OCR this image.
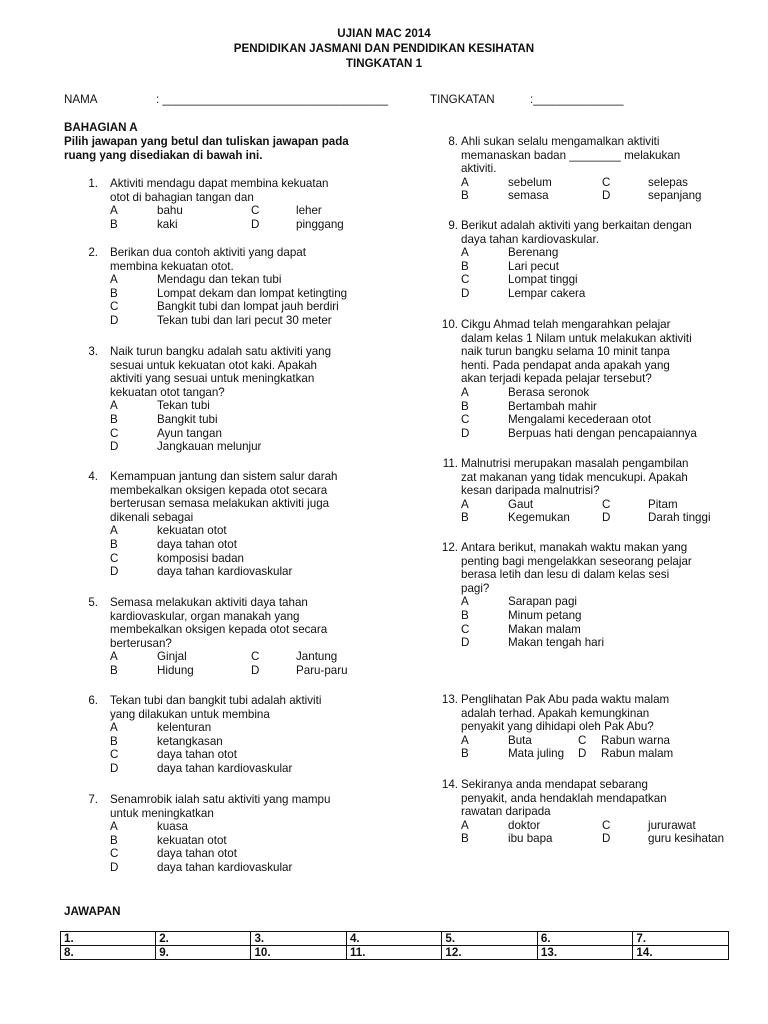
UJIAN MAC 2014
PENDIDIKAN JASMANI DAN PENDIDIKAN KESIHATAN
TINGKATAN 1
NAMA	: ___________________________________	TINGKATAN	:______________
BAHAGIAN A
Pilih jawapan yang betul dan tuliskan jawapan pada ruang yang disediakan di bawah ini.
1. Aktiviti mendagu dapat membina kekuatan
otot di bahagian tangan dan
A	bahu	C	leher
B	kaki	D	pinggang
2. Berikan dua contoh aktiviti yang dapat
membina kekuatan otot.
A	Mendagu dan tekan tubi
B	Lompat dekam dan lompat ketingting
C	Bangkit tubi dan lompat jauh berdiri
D	Tekan tubi dan lari pecut 30 meter
3. Naik turun bangku adalah satu aktiviti yang
sesuai untuk kekuatan otot kaki. Apakah
aktiviti yang sesuai untuk meningkatkan
kekuatan otot tangan?
A	Tekan tubi
B	Bangkit tubi
C	Ayun tangan
D	Jangkauan melunjur
4. Kemampuan jantung dan sistem salur darah
membekalkan oksigen kepada otot secara
berterusan semasa melakukan aktiviti juga
dikenali sebagai
A	kekuatan otot
B	daya tahan otot
C	komposisi badan
D	daya tahan kardiovaskular
5. Semasa melakukan aktiviti daya tahan
kardiovaskular, organ manakah yang
membekalkan oksigen kepada otot secara
berterusan?
A	Ginjal	C	Jantung
B	Hidung	D	Paru-paru
6. Tekan tubi dan bangkit tubi adalah aktiviti
yang dilakukan untuk membina
A	kelenturan
B	ketangkasan
C	daya tahan otot
D	daya tahan kardiovaskular
7. Senamrobik ialah satu aktiviti yang mampu
untuk meningkatkan
A	kuasa
B	kekuatan otot
C	daya tahan otot
D	daya tahan kardiovaskular
8. Ahli sukan selalu mengamalkan aktiviti
memanaskan badan ________ melakukan
aktiviti.
A	sebelum	C	selepas
B	semasa	D	sepanjang
9. Berikut adalah aktiviti yang berkaitan dengan
daya tahan kardiovaskular.
A	Berenang
B	Lari pecut
C	Lompat tinggi
D	Lempar cakera
10. Cikgu Ahmad telah mengarahkan pelajar
dalam kelas 1 Nilam untuk melakukan aktiviti
naik turun bangku selama 10 minit tanpa
henti. Pada pendapat anda apakah yang
akan terjadi kepada pelajar tersebut?
A	Berasa seronok
B	Bertambah mahir
C	Mengalami kecederaan otot
D	Berpuas hati dengan pencapaiannya
11. Malnutrisi merupakan masalah pengambilan
zat makanan yang tidak mencukupi. Apakah
kesan daripada malnutrisi?
A	Gaut	C	Pitam
B	Kegemukan	D	Darah tinggi
12. Antara berikut, manakah waktu makan yang
penting bagi mengelakkan seseorang pelajar
berasa letih dan lesu di dalam kelas sesi
pagi?
A	Sarapan pagi
B	Minum petang
C	Makan malam
D	Makan tengah hari
13. Penglihatan Pak Abu pada waktu malam
adalah terhad. Apakah kemungkinan
penyakit yang dihidapi oleh Pak Abu?
A	Buta	C Rabun warna
B	Mata juling D Rabun malam
14. Sekiranya anda mendapat sebarang
penyakit, anda hendaklah mendapatkan
rawatan daripada
A	doktor	C	jururawat
B	ibu bapa	D	guru kesihatan
JAWAPAN
1.	2.	3.	4.	5.	6.	7.
8.	9.	10.	11.	12.	13.	14.
